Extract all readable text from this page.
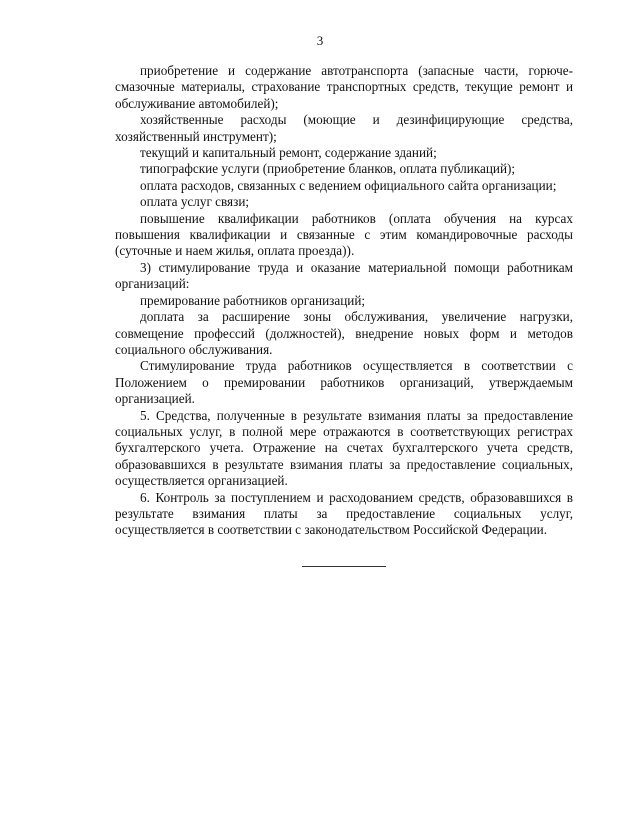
3

приобретение и содержание автотранспорта (запасные части, горюче-смазочные материалы, страхование транспортных средств, текущие ремонт и обслуживание автомобилей);

хозяйственные расходы (моющие и дезинфицирующие средства, хозяйственный инструмент);

текущий и капитальный ремонт, содержание зданий;

типографские услуги (приобретение бланков, оплата публикаций);

оплата расходов, связанных с ведением официального сайта организации;

оплата услуг связи;

повышение квалификации работников (оплата обучения на курсах повышения квалификации и связанные с этим командировочные расходы (суточные и наем жилья, оплата проезда)).

3) стимулирование труда и оказание материальной помощи работникам организаций:

премирование работников организаций;

доплата за расширение зоны обслуживания, увеличение нагрузки, совмещение профессий (должностей), внедрение новых форм и методов социального обслуживания.

Стимулирование труда работников осуществляется в соответствии с Положением о премировании работников организаций, утверждаемым организацией.

5. Средства, полученные в результате взимания платы за предоставление социальных услуг, в полной мере отражаются в соответствующих регистрах бухгалтерского учета. Отражение на счетах бухгалтерского учета средств, образовавшихся в результате взимания платы за предоставление социальных, осуществляется организацией.

6. Контроль за поступлением и расходованием средств, образовавшихся в результате взимания платы за предоставление социальных услуг, осуществляется в соответствии с законодательством Российской Федерации.
